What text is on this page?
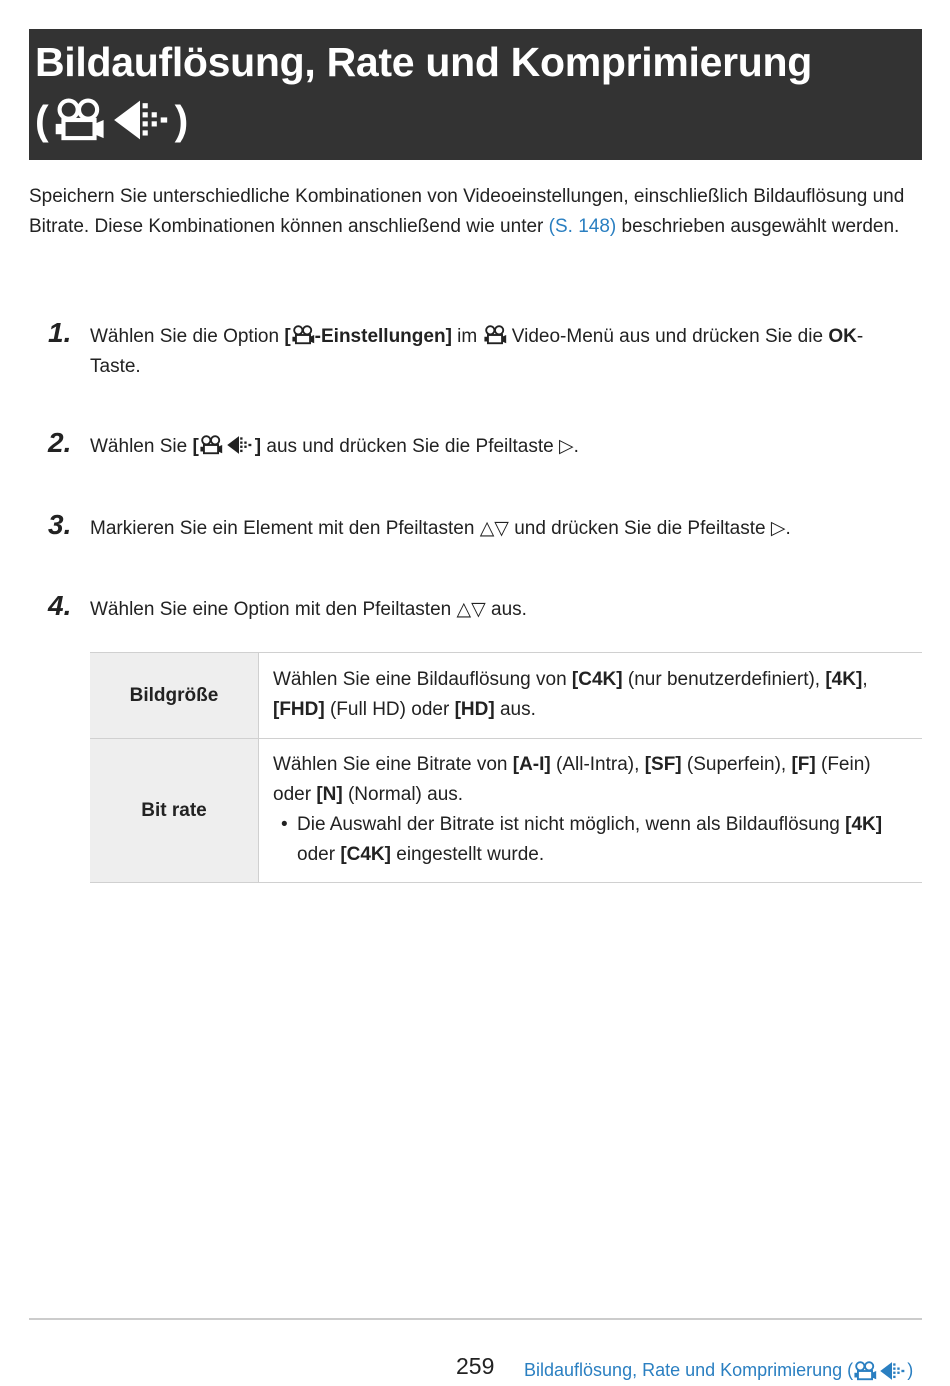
Bildauflösung, Rate und Komprimierung
(	)
Speichern Sie unterschiedliche Kombinationen von Videoeinstellungen, einschließlich Bildauflösung und Bitrate. Diese Kombinationen können anschließend wie unter (S. 148) beschrieben ausgewählt werden.
1. Wählen Sie die Option [ -Einstellungen] im  Video-Menü aus und drücken Sie die OK-Taste.
2. Wählen Sie [	] aus und drücken Sie die Pfeiltaste ▷.
3. Markieren Sie ein Element mit den Pfeiltasten △▽ und drücken Sie die Pfeiltaste ▷.
4. Wählen Sie eine Option mit den Pfeiltasten △▽ aus.
Bildgröße	Wählen Sie eine Bildauflösung von [C4K] (nur benutzerdefiniert), [4K], [FHD] (Full HD) oder [HD] aus.
Bit rate	Wählen Sie eine Bitrate von [A-I] (All-Intra), [SF] (Superfein), [F] (Fein) oder [N] (Normal) aus.
• Die Auswahl der Bitrate ist nicht möglich, wenn als Bildauflösung [4K] oder [C4K] eingestellt wurde.
259 Bildauflösung, Rate und Komprimierung (	)
